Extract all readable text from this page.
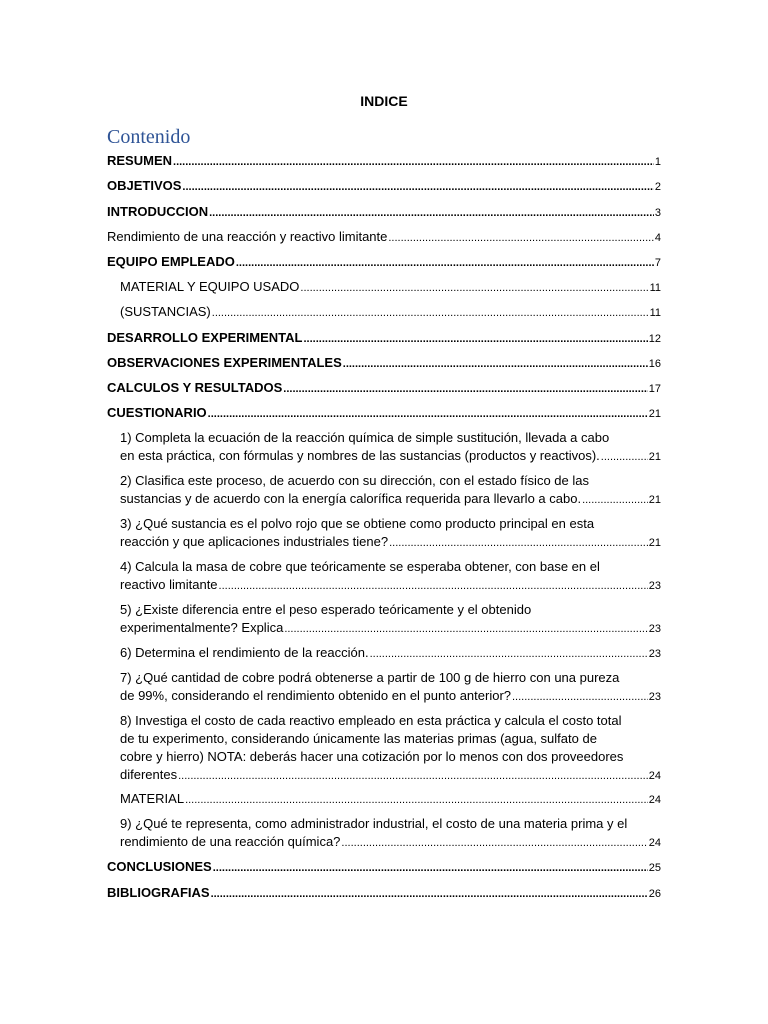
INDICE
Contenido
RESUMEN .....	1
OBJETIVOS .....	2
INTRODUCCION .....	3
Rendimiento de una reacción y reactivo limitante .....	4
EQUIPO EMPLEADO .....	7
MATERIAL Y EQUIPO USADO .....	11
(SUSTANCIAS) .....	11
DESARROLLO EXPERIMENTAL .....	12
OBSERVACIONES EXPERIMENTALES .....	16
CALCULOS Y RESULTADOS .....	17
CUESTIONARIO .....	21
1) Completa la ecuación de la reacción química de simple sustitución, llevada a cabo
en esta práctica, con fórmulas y nombres de las sustancias (productos y reactivos). .....	21
2) Clasifica este proceso, de acuerdo con su dirección, con el estado físico de las
sustancias y de acuerdo con la energía calorífica requerida para llevarlo a cabo. .....	21
3) ¿Qué sustancia es el polvo rojo que se obtiene como producto principal en esta
reacción y que aplicaciones industriales tiene? .....	21
4) Calcula la masa de cobre que teóricamente se esperaba obtener, con base en el
reactivo limitante .....	23
5) ¿Existe diferencia entre el peso esperado teóricamente y el obtenido
experimentalmente? Explica .....	23
6) Determina el rendimiento de la reacción. .....	23
7) ¿Qué cantidad de cobre podrá obtenerse a partir de 100 g de hierro con una pureza
de 99%, considerando el rendimiento obtenido en el punto anterior? .....	23
8) Investiga el costo de cada reactivo empleado en esta práctica y calcula el costo total
de tu experimento, considerando únicamente las materias primas (agua, sulfato de
cobre y hierro) NOTA: deberás hacer una cotización por lo menos con dos proveedores
diferentes .....	24
MATERIAL .....	24
9) ¿Qué te representa, como administrador industrial, el costo de una materia prima y el
rendimiento de una reacción química? .....	24
CONCLUSIONES .....	25
BIBLIOGRAFIAS .....	26
